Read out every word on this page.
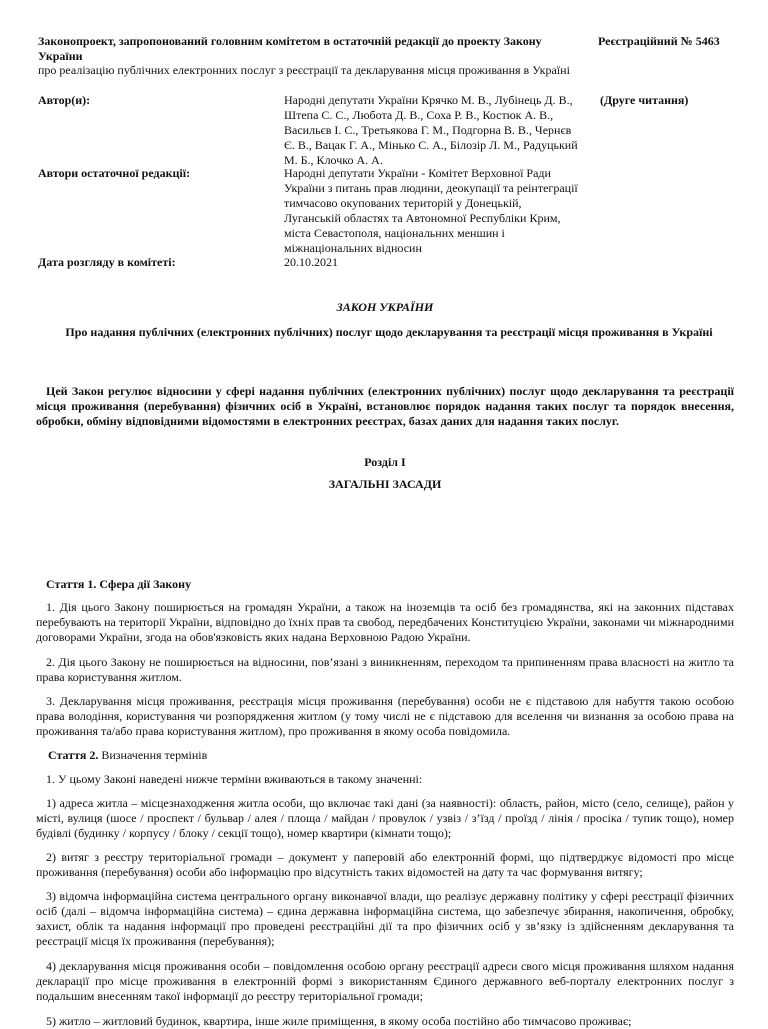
Законопроект, запропонований головним комітетом в остаточній редакції до проекту Закону України
Реєстраційний № 5463
про реалізацію публічних електронних послуг з реєстрації та декларування місця проживання в Україні
Автор(и):	Народні депутати України Крячко М. В., Лубінець Д. В., Штепа С. С., Любота Д. В., Соха Р. В., Костюк А. В., Васильєв І. С., Третьякова Г. М., Подгорна В. В., Чернєв Є. В., Вацак Г. А., Мінько С. А., Білозір Л. М., Радуцький М. Б., Клочко А. А.
(Друге читання)
Автори остаточної редакції:	Народні депутати України - Комітет Верховної Ради України з питань прав людини, деокупації та реінтеграції тимчасово окупованих територій у Донецькій, Луганській областях та Автономної Республіки Крим, міста Севастополя, національних меншин і міжнаціональних відносин
Дата розгляду в комітеті:	20.10.2021
ЗАКОН УКРАЇНИ
Про надання публічних (електронних публічних) послуг щодо декларування та реєстрації місця проживання в Україні
Цей Закон регулює відносини у сфері надання публічних (електронних публічних) послуг щодо декларування та реєстрації місця проживання (перебування) фізичних осіб в Україні, встановлює порядок надання таких послуг та порядок внесення, обробки, обміну відповідними відомостями в електронних реєстрах, базах даних для надання таких послуг.
Розділ I
ЗАГАЛЬНІ ЗАСАДИ
Стаття 1. Сфера дії Закону
1. Дія цього Закону поширюється на громадян України, а також на іноземців та осіб без громадянства, які на законних підставах перебувають на території України, відповідно до їхніх прав та свобод, передбачених Конституцією України, законами чи міжнародними договорами України, згода на обов'язковість яких надана Верховною Радою України.
2. Дія цього Закону не поширюється на відносини, пов’язані з виникненням, переходом та припиненням права власності на житло та права користування житлом.
3. Декларування місця проживання, реєстрація місця проживання (перебування) особи не є підставою для набуття такою особою права володіння, користування чи розпорядження житлом (у тому числі не є підставою для вселення чи визнання за особою права на проживання та/або права користування житлом), про проживання в якому особа повідомила.
Стаття 2. Визначення термінів
1. У цьому Законі наведені нижче терміни вживаються в такому значенні:
1) адреса житла – місцезнаходження житла особи, що включає такі дані (за наявності): область, район, місто (село, селище), район у місті, вулиця (шосе / проспект / бульвар / алея / площа / майдан / провулок / узвіз / з’їзд / проїзд / лінія / просіка / тупик тощо), номер будівлі (будинку / корпусу / блоку / секції тощо), номер квартири (кімнати тощо);
2) витяг з реєстру територіальної громади – документ у паперовій або електронній формі, що підтверджує відомості про місце проживання (перебування) особи або інформацію про відсутність таких відомостей на дату та час формування витягу;
3) відомча інформаційна система центрального органу виконавчої влади, що реалізує державну політику у сфері реєстрації фізичних осіб (далі – відомча інформаційна система) – єдина державна інформаційна система, що забезпечує збирання, накопичення, обробку, захист, облік та надання інформації про проведені реєстраційні дії та про фізичних осіб у зв’язку із здійсненням декларування та реєстрації місця їх проживання (перебування);
4) декларування місця проживання особи – повідомлення особою органу реєстрації адреси свого місця проживання шляхом надання декларації про місце проживання в електронній формі з використанням Єдиного державного веб-порталу електронних послуг з подальшим внесенням такої інформації до реєстру територіальної громади;
5) житло – житловий будинок, квартира, інше жиле приміщення, в якому особа постійно або тимчасово проживає;
